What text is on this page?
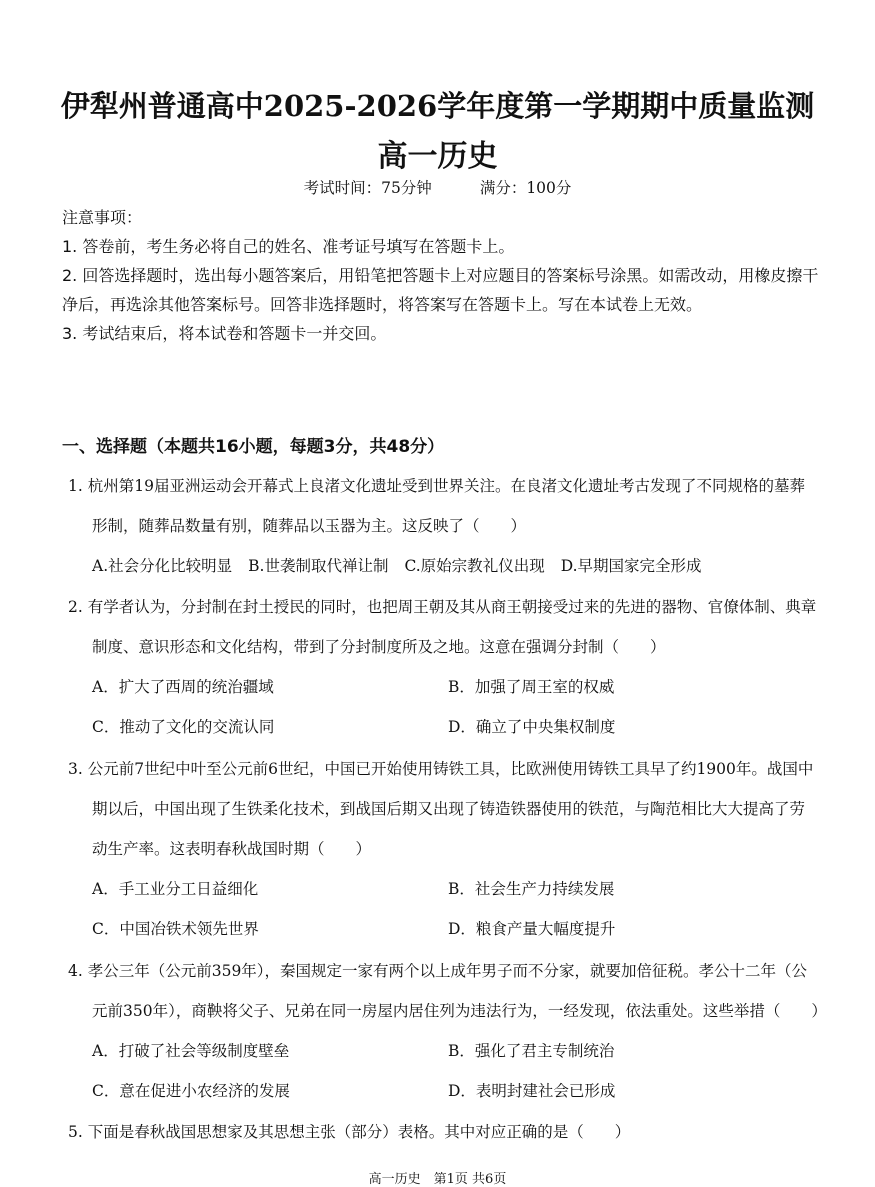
伊犁州普通高中2025-2026学年度第一学期期中质量监测
高一历史
考试时间：75分钟	满分：100分

注意事项：

1. 答卷前，考生务必将自己的姓名、准考证号填写在答题卡上。

2. 回答选择题时，选出每小题答案后，用铅笔把答题卡上对应题目的答案标号涂黑。如需改动，用橡皮擦干净后，再选涂其他答案标号。回答非选择题时，将答案写在答题卡上。写在本试卷上无效。

3. 考试结束后，将本试卷和答题卡一并交回。

一、选择题（本题共16小题，每题3分，共48分）

1. 杭州第19届亚洲运动会开幕式上良渚文化遗址受到世界关注。在良渚文化遗址考古发现了不同规格的墓葬形制，随葬品数量有别，随葬品以玉器为主。这反映了（　　）

A.社会分化比较明显 B.世袭制取代禅让制 C.原始宗教礼仪出现 D.早期国家完全形成

2. 有学者认为，分封制在封土授民的同时，也把周王朝及其从商王朝接受过来的先进的器物、官僚体制、典章制度、意识形态和文化结构，带到了分封制度所及之地。这意在强调分封制（　　）

A．扩大了西周的统治疆域	B．加强了周王室的权威
C．推动了文化的交流认同	D．确立了中央集权制度

3. 公元前7世纪中叶至公元前6世纪，中国已开始使用铸铁工具，比欧洲使用铸铁工具早了约1900年。战国中期以后，中国出现了生铁柔化技术，到战国后期又出现了铸造铁器使用的铁范，与陶范相比大大提高了劳动生产率。这表明春秋战国时期（　　）

A．手工业分工日益细化	B．社会生产力持续发展
C．中国冶铁术领先世界	D．粮食产量大幅度提升

4. 孝公三年（公元前359年），秦国规定一家有两个以上成年男子而不分家，就要加倍征税。孝公十二年（公元前350年），商鞅将父子、兄弟在同一房屋内居住列为违法行为，一经发现，依法重处。这些举措（　　）

A．打破了社会等级制度壁垒	B．强化了君主专制统治
C．意在促进小农经济的发展	D．表明封建社会已形成

5. 下面是春秋战国思想家及其思想主张（部分）表格。其中对应正确的是（　　）

高一历史　第1页 共6页
